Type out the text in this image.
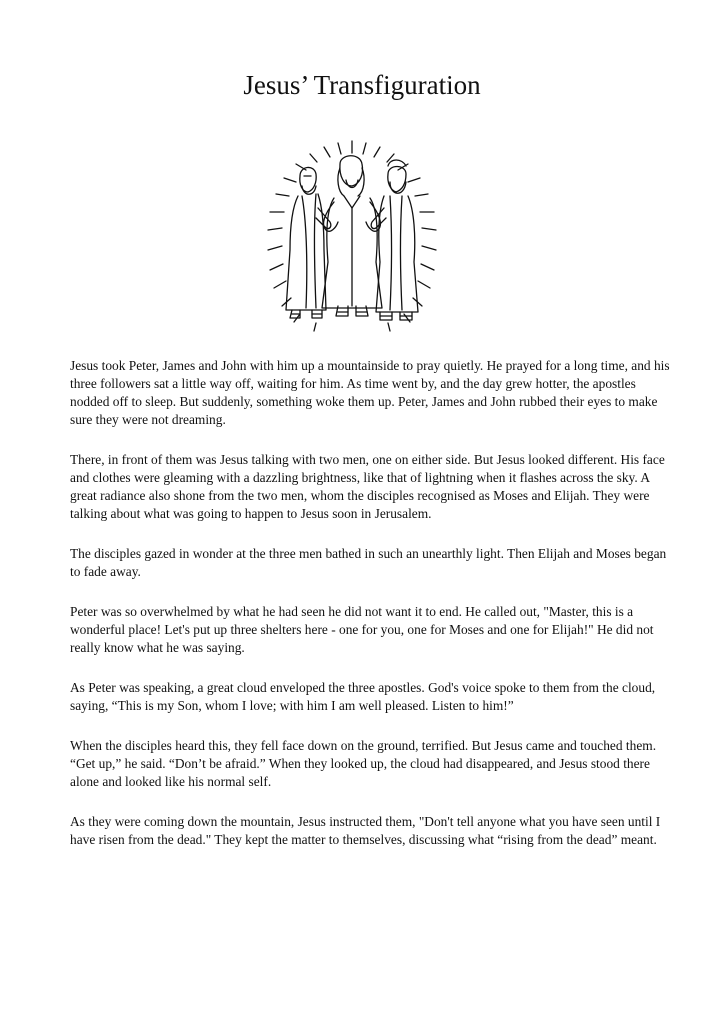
Jesus’ Transfiguration

Jesus took Peter, James and John with him up a mountainside to pray quietly. He prayed for a long time, and his three followers sat a little way off, waiting for him. As time went by, and the day grew hotter, the apostles nodded off to sleep. But suddenly, something woke them up. Peter, James and John rubbed their eyes to make sure they were not dreaming.

There, in front of them was Jesus talking with two men, one on either side. But Jesus looked different. His face and clothes were gleaming with a dazzling brightness, like that of lightning when it flashes across the sky. A great radiance also shone from the two men, whom the disciples recognised as Moses and Elijah. They were talking about what was going to happen to Jesus soon in Jerusalem.

The disciples gazed in wonder at the three men bathed in such an unearthly light. Then Elijah and Moses began to fade away.

Peter was so overwhelmed by what he had seen he did not want it to end. He called out, "Master, this is a wonderful place! Let's put up three shelters here - one for you, one for Moses and one for Elijah!" He did not really know what he was saying.

As Peter was speaking, a great cloud enveloped the three apostles. God's voice spoke to them from the cloud, saying, “This is my Son, whom I love; with him I am well pleased. Listen to him!”

When the disciples heard this, they fell face down on the ground, terrified. But Jesus came and touched them. “Get up,” he said. “Don’t be afraid.” When they looked up, the cloud had disappeared, and Jesus stood there alone and looked like his normal self.

As they were coming down the mountain, Jesus instructed them, "Don't tell anyone what you have seen until I have risen from the dead." They kept the matter to themselves, discussing what “rising from the dead” meant.
